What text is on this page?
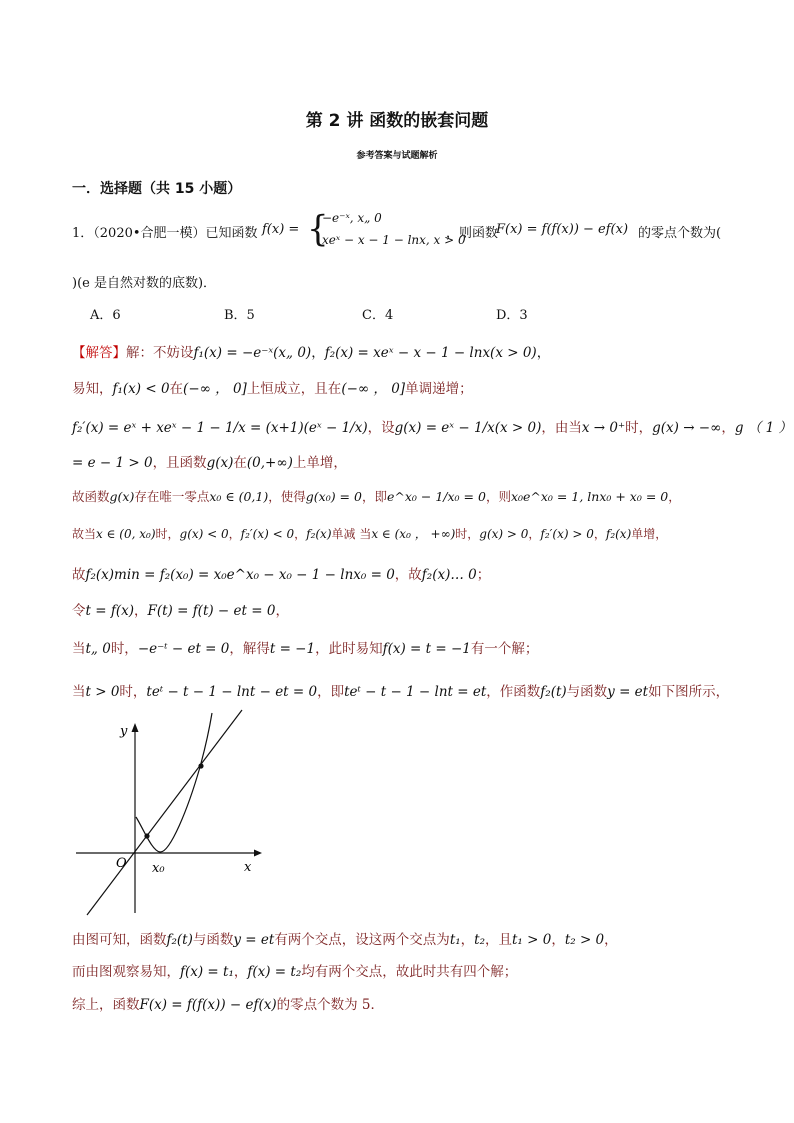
第 2 讲 函数的嵌套问题
参考答案与试题解析
一．选择题（共 15 小题）
1．（2020•合肥一模）已知函数 f(x) = {
−e⁻ˣ, x„ 0
xeˣ − x − 1 − lnx, x > 0
，则函数
F(x) = f(f(x)) − ef(x) 的零点个数为(
)(e 是自然对数的底数)．
A．6	B．5	C．4	D．3
【解答】解：不妨设f₁(x) = −e⁻ˣ(x„ 0)，f₂(x) = xeˣ − x − 1 − lnx(x > 0)，
易知，f₁(x) < 0在(−∞ ， 0]上恒成立，且在(−∞ ， 0]单调递增；
f₂′(x) = eˣ + xeˣ − 1 − 1/x = (x+1)(eˣ − 1/x)，设g(x) = eˣ − 1/x(x > 0)，由当x → 0⁺时，g(x) → −∞，g （ 1 ）
= e − 1 > 0，且函数g(x)在(0,+∞)上单增，
故函数g(x)存在唯一零点x₀ ∈ (0,1)，使得g(x₀) = 0，即e^x₀ − 1/x₀ = 0，则x₀e^x₀ = 1, lnx₀ + x₀ = 0，
故当x ∈ (0, x₀)时，g(x) < 0，f₂′(x) < 0，f₂(x)单减 当x ∈ (x₀ ， +∞)时，g(x) > 0，f₂′(x) > 0，f₂(x)单增，
故f₂(x)min = f₂(x₀) = x₀e^x₀ − x₀ − 1 − lnx₀ = 0，故f₂(x)… 0；
令t = f(x)，F(t) = f(t) − et = 0，
当t„ 0时，−e⁻ᵗ − et = 0，解得t = −1，此时易知f(x) = t = −1有一个解；
当t > 0时，teᵗ − t − 1 − lnt − et = 0，即teᵗ − t − 1 − lnt = et，作函数f₂(t)与函数y = et如下图所示，
y
x
O x₀
由图可知，函数f₂(t)与函数y = et有两个交点，设这两个交点为t₁，t₂，且t₁ > 0，t₂ > 0，
而由图观察易知，f(x) = t₁，f(x) = t₂均有两个交点，故此时共有四个解；
综上，函数F(x) = f(f(x)) − ef(x)的零点个数为 5．
